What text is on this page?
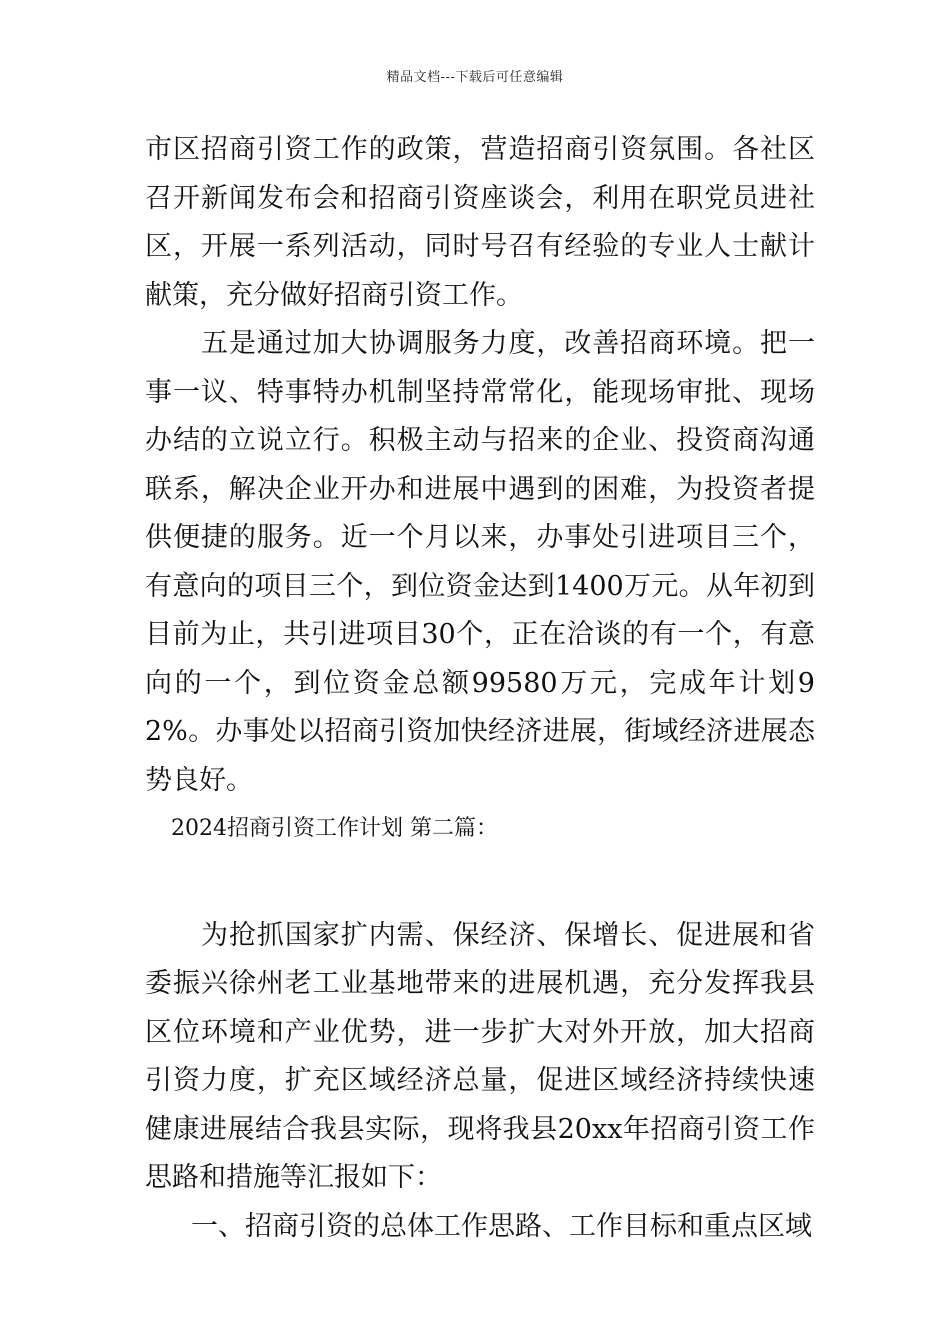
精品文档---下载后可任意编辑

市区招商引资工作的政策，营造招商引资氛围。各社区召开新闻发布会和招商引资座谈会，利用在职党员进社区，开展一系列活动，同时号召有经验的专业人士献计献策，充分做好招商引资工作。

五是通过加大协调服务力度，改善招商环境。把一事一议、特事特办机制坚持常常化，能现场审批、现场办结的立说立行。积极主动与招来的企业、投资商沟通联系，解决企业开办和进展中遇到的困难，为投资者提供便捷的服务。近一个月以来，办事处引进项目三个，有意向的项目三个，到位资金达到1400万元。从年初到目前为止，共引进项目30个，正在洽谈的有一个，有意向的一个，到位资金总额99580万元，完成年计划92%。办事处以招商引资加快经济进展，街域经济进展态势良好。

2024招商引资工作计划 第二篇：

为抢抓国家扩内需、保经济、保增长、促进展和省委振兴徐州老工业基地带来的进展机遇，充分发挥我县区位环境和产业优势，进一步扩大对外开放，加大招商引资力度，扩充区域经济总量，促进区域经济持续快速健康进展结合我县实际，现将我县20xx年招商引资工作思路和措施等汇报如下：

一、招商引资的总体工作思路、工作目标和重点区域
